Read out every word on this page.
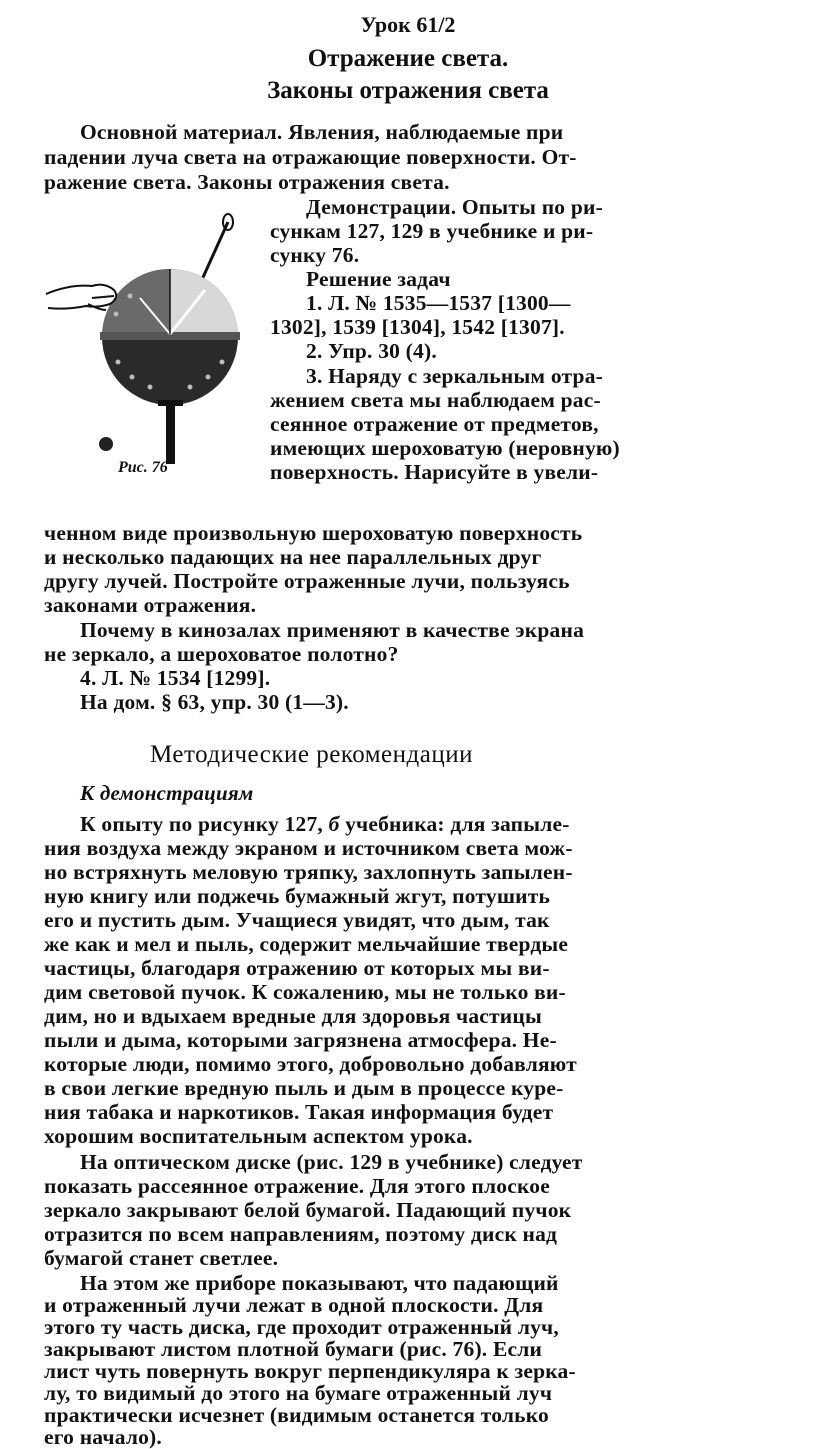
Урок 61/2

Отражение света.

Законы отражения света

Основной материал. Явления, наблюдаемые при

падении луча света на отражающие поверхности. От-

ражение света. Законы отражения света.

Демонстрации. Опыты по ри-

сункам 127, 129 в учебнике и ри-

сунку 76.

Решение задач

1. Л. № 1535—1537 [1300—

1302], 1539 [1304], 1542 [1307].

2. Упр. 30 (4).

3. Наряду с зеркальным отра-

жением света мы наблюдаем рас-

сеянное отражение от предметов,

имеющих шероховатую (неровную)

поверхность. Нарисуйте в увели-

Рис. 76

ченном виде произвольную шероховатую поверхность

и несколько падающих на нее параллельных друг

другу лучей. Постройте отраженные лучи, пользуясь

законами отражения.

Почему в кинозалах применяют в качестве экрана

не зеркало, а шероховатое полотно?

4. Л. № 1534 [1299].

На дом. § 63, упр. 30 (1—3).

Методические рекомендации

К демонстрациям

К опыту по рисунку 127, б учебника: для запыле-

ния воздуха между экраном и источником света мож-

но встряхнуть меловую тряпку, захлопнуть запылен-

ную книгу или поджечь бумажный жгут, потушить

его и пустить дым. Учащиеся увидят, что дым, так

же как и мел и пыль, содержит мельчайшие твердые

частицы, благодаря отражению от которых мы ви-

дим световой пучок. К сожалению, мы не только ви-

дим, но и вдыхаем вредные для здоровья частицы

пыли и дыма, которыми загрязнена атмосфера. Не-

которые люди, помимо этого, добровольно добавляют

в свои легкие вредную пыль и дым в процессе куре-

ния табака и наркотиков. Такая информация будет

хорошим воспитательным аспектом урока.

На оптическом диске (рис. 129 в учебнике) следует

показать рассеянное отражение. Для этого плоское

зеркало закрывают белой бумагой. Падающий пучок

отразится по всем направлениям, поэтому диск над

бумагой станет светлее.

На этом же приборе показывают, что падающий

и отраженный лучи лежат в одной плоскости. Для

этого ту часть диска, где проходит отраженный луч,

закрывают листом плотной бумаги (рис. 76). Если

лист чуть повернуть вокруг перпендикуляра к зерка-

лу, то видимый до этого на бумаге отраженный луч

практически исчезнет (видимым останется только

его начало).
